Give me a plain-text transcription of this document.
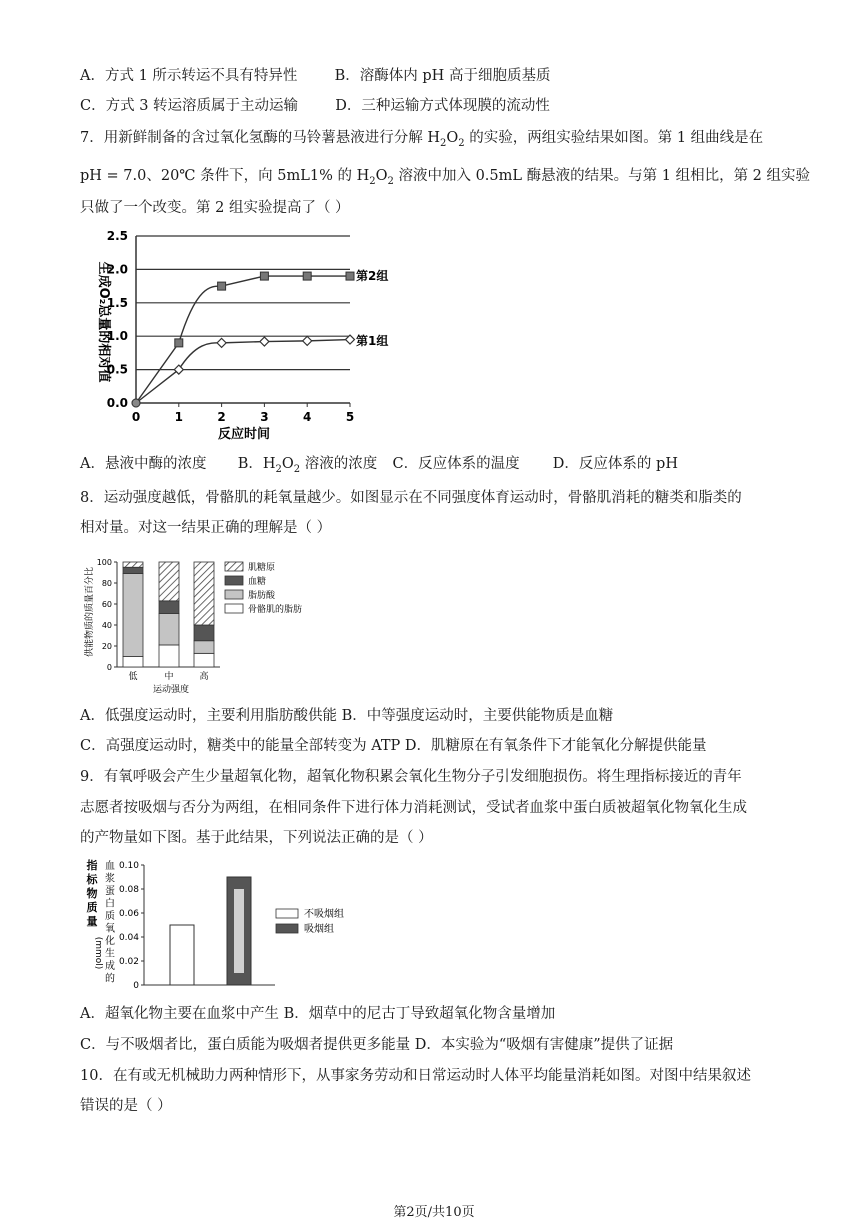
A．方式 1 所示转运不具有特异性	B．溶酶体内 pH 高于细胞质基质
C．方式 3 转运溶质属于主动运输	D．三种运输方式体现膜的流动性
7．用新鲜制备的含过氧化氢酶的马铃薯悬液进行分解 $H_2O_2$ 的实验，两组实验结果如图。第 1 组曲线是在
pH = 7.0、20℃ 条件下，向 5mL1% 的 $H_2O_2$ 溶液中加入 0.5mL 酶悬液的结果。与第 1 组相比，第 2 组实验
只做了一个改变。第 2 组实验提高了（ ）
0.0
0.5
1.0
1.5
2.0
2.5
0	1	2	3	4	5
生成O₂总量的相对值
反应时间
第2组
第1组
A．悬液中酶的浓度 B．$H_2O_2$ 溶液的浓度 C．反应体系的温度 D．反应体系的 pH
8．运动强度越低，骨骼肌的耗氧量越少。如图显示在不同强度体育运动时，骨骼肌消耗的糖类和脂类的
相对量。对这一结果正确的理解是（ ）
0
20
40
60
80
100
低	中	高
肌糖原
血糖
脂肪酸
骨骼肌的脂肪
供能物质的质量百分比
运动强度
A．低强度运动时，主要利用脂肪酸供能 B．中等强度运动时，主要供能物质是血糖
C．高强度运动时，糖类中的能量全部转变为 ATP D．肌糖原在有氧条件下才能氧化分解提供能量
9．有氧呼吸会产生少量超氧化物，超氧化物积累会氧化生物分子引发细胞损伤。将生理指标接近的青年
志愿者按吸烟与否分为两组，在相同条件下进行体力消耗测试，受试者血浆中蛋白质被超氧化物氧化生成
的产物量如下图。基于此结果，下列说法正确的是（ ）
指
标
物
质
量
(mmol)
血
浆
蛋
白
质
氧
化
生
成
的
0
0.02
0.04
0.06
0.08
0.10
不吸烟组
吸烟组
A．超氧化物主要在血浆中产生 B．烟草中的尼古丁导致超氧化物含量增加
C．与不吸烟者比，蛋白质能为吸烟者提供更多能量 D．本实验为“吸烟有害健康”提供了证据
10．在有或无机械助力两种情形下，从事家务劳动和日常运动时人体平均能量消耗如图。对图中结果叙述
错误的是（ ）
第2页/共10页
